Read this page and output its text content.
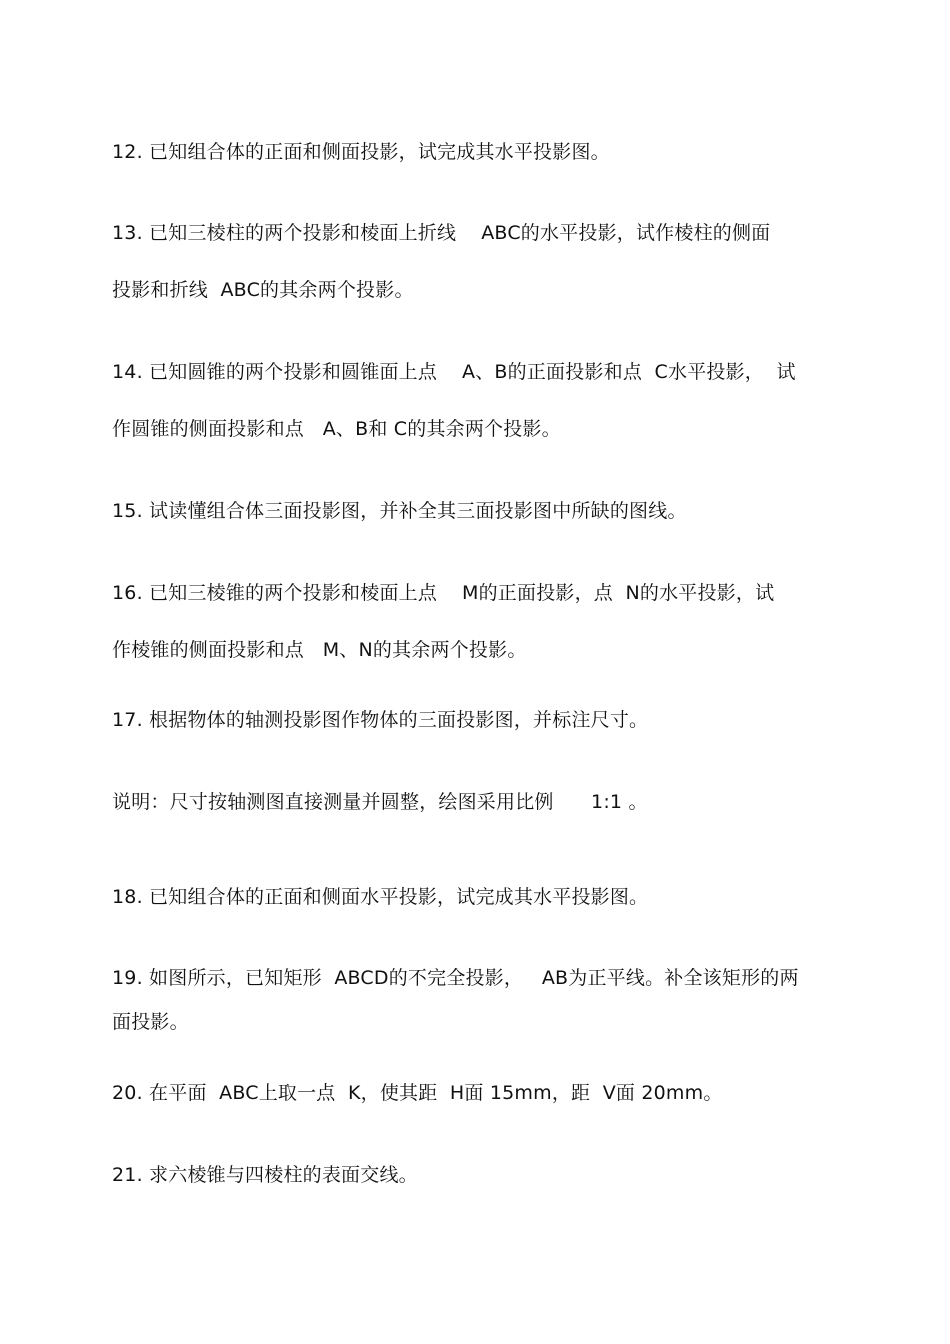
12. 已知组合体的正面和侧面投影，试完成其水平投影图。
13. 已知三棱柱的两个投影和棱面上折线    ABC的水平投影，试作棱柱的侧面
投影和折线  ABC的其余两个投影。
14. 已知圆锥的两个投影和圆锥面上点    A、B的正面投影和点  C水平投影，  试
作圆锥的侧面投影和点   A、B和 C的其余两个投影。
15. 试读懂组合体三面投影图，并补全其三面投影图中所缺的图线。
16. 已知三棱锥的两个投影和棱面上点    M的正面投影，点  N的水平投影，试
作棱锥的侧面投影和点   M、N的其余两个投影。
17. 根据物体的轴测投影图作物体的三面投影图，并标注尺寸。
说明：尺寸按轴测图直接测量并圆整，绘图采用比例      1:1 。
18. 已知组合体的正面和侧面水平投影，试完成其水平投影图。
19. 如图所示，已知矩形  ABCD的不完全投影，   AB为正平线。补全该矩形的两
面投影。
20. 在平面  ABC上取一点  K，使其距  H面 15mm，距  V面 20mm。
21. 求六棱锥与四棱柱的表面交线。
